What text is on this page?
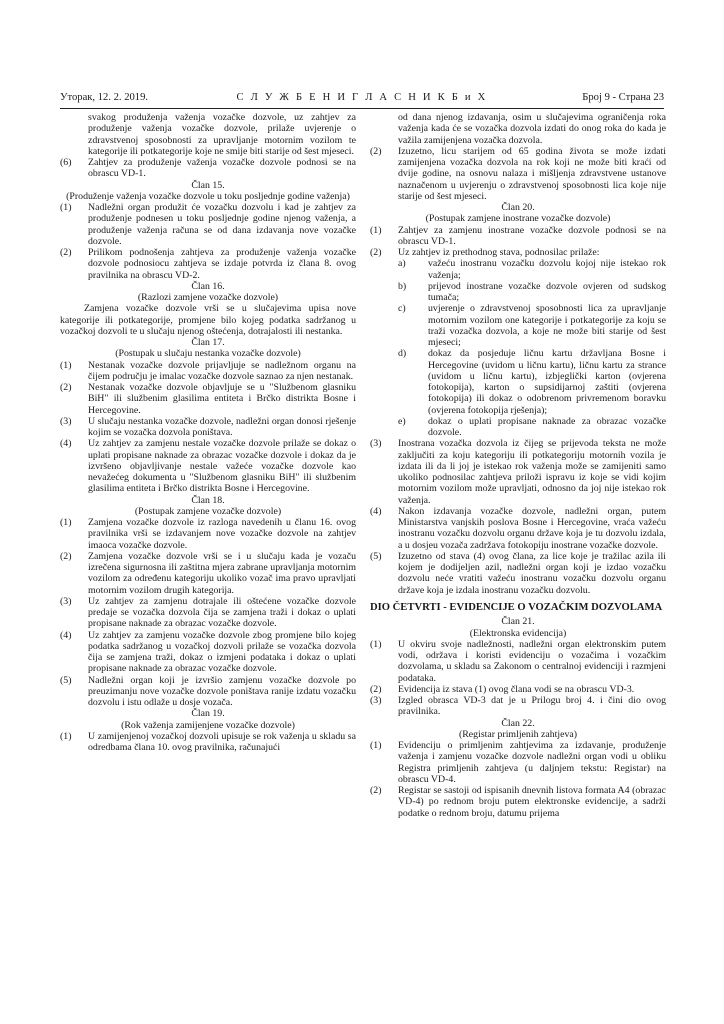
Уторак, 12. 2. 2019.	С Л У Ж Б Е Н И Г Л А С Н И К Б и Х	Број 9 - Страна 23

svakog produženja važenja vozačke dozvole, uz zahtjev za produženje važenja vozačke dozvole, prilaže uvjerenje o zdravstvenoj sposobnosti za upravljanje motornim vozilom te kategorije ili potkategorije koje ne smije biti starije od šest mjeseci.

(6) Zahtjev za produženje važenja vozačke dozvole podnosi se na obrascu VD-1.

Član 15.

(Produženje važenja vozačke dozvole u toku posljednje godine važenja)

(1) Nadležni organ produžit će vozačku dozvolu i kad je zahtjev za produženje podnesen u toku posljednje godine njenog važenja, a produženje važenja računa se od dana izdavanja nove vozačke dozvole.
(2) Prilikom podnošenja zahtjeva za produženje važenja vozačke dozvole podnosiocu zahtjeva se izdaje potvrda iz člana 8. ovog pravilnika na obrascu VD-2.

Član 16.

(Razlozi zamjene vozačke dozvole)

Zamjena vozačke dozvole vrši se u slučajevima upisa nove kategorije ili potkategorije, promjene bilo kojeg podatka sadržanog u vozačkoj dozvoli te u slučaju njenog oštećenja, dotrajalosti ili nestanka.

Član 17.

(Postupak u slučaju nestanka vozačke dozvole)

(1) Nestanak vozačke dozvole prijavljuje se nadležnom organu na čijem području je imalac vozačke dozvole saznao za njen nestanak.
(2) Nestanak vozačke dozvole objavljuje se u "Službenom glasniku BiH" ili službenim glasilima entiteta i Brčko distrikta Bosne i Hercegovine.
(3) U slučaju nestanka vozačke dozvole, nadležni organ donosi rješenje kojim se vozačka dozvola poništava.
(4) Uz zahtjev za zamjenu nestale vozačke dozvole prilaže se dokaz o uplati propisane naknade za obrazac vozačke dozvole i dokaz da je izvršeno objavljivanje nestale važeće vozačke dozvole kao nevažećeg dokumenta u "Službenom glasniku BiH" ili službenim glasilima entiteta i Brčko distrikta Bosne i Hercegovine.

Član 18.

(Postupak zamjene vozačke dozvole)

(1) Zamjena vozačke dozvole iz razloga navedenih u članu 16. ovog pravilnika vrši se izdavanjem nove vozačke dozvole na zahtjev imaoca vozačke dozvole.
(2) Zamjena vozačke dozvole vrši se i u slučaju kada je vozaču izrečena sigurnosna ili zaštitna mjera zabrane upravljanja motornim vozilom za određenu kategoriju ukoliko vozač ima pravo upravljati motornim vozilom drugih kategorija.
(3) Uz zahtjev za zamjenu dotrajale ili oštećene vozačke dozvole predaje se vozačka dozvola čija se zamjena traži i dokaz o uplati propisane naknade za obrazac vozačke dozvole.
(4) Uz zahtjev za zamjenu vozačke dozvole zbog promjene bilo kojeg podatka sadržanog u vozačkoj dozvoli prilaže se vozačka dozvola čija se zamjena traži, dokaz o izmjeni podataka i dokaz o uplati propisane naknade za obrazac vozačke dozvole.
(5) Nadležni organ koji je izvršio zamjenu vozačke dozvole po preuzimanju nove vozačke dozvole poništava ranije izdatu vozačku dozvolu i istu odlaže u dosje vozača.

Član 19.

(Rok važenja zamijenjene vozačke dozvole)

(1) U zamijenjenoj vozačkoj dozvoli upisuje se rok važenja u skladu sa odredbama člana 10. ovog pravilnika, računajući

od dana njenog izdavanja, osim u slučajevima ograničenja roka važenja kada će se vozačka dozvola izdati do onog roka do kada je važila zamijenjena vozačka dozvola.

(2) Izuzetno, licu starijem od 65 godina života se može izdati zamijenjena vozačka dozvola na rok koji ne može biti kraći od dvije godine, na osnovu nalaza i mišljenja zdravstvene ustanove naznačenom u uvjerenju o zdravstvenoj sposobnosti lica koje nije starije od šest mjeseci.

Član 20.

(Postupak zamjene inostrane vozačke dozvole)

(1) Zahtjev za zamjenu inostrane vozačke dozvole podnosi se na obrascu VD-1.
(2) Uz zahtjev iz prethodnog stava, podnosilac prilaže:
a) važeću inostranu vozačku dozvolu kojoj nije istekao rok važenja;
b) prijevod inostrane vozačke dozvole ovjeren od sudskog tumača;
c) uvjerenje o zdravstvenoj sposobnosti lica za upravljanje motornim vozilom one kategorije i potkategorije za koju se traži vozačka dozvola, a koje ne može biti starije od šest mjeseci;
d) dokaz da posjeduje ličnu kartu državljana Bosne i Hercegovine (uvidom u ličnu kartu), ličnu kartu za strance (uvidom u ličnu kartu), izbjeglički karton (ovjerena fotokopija), karton o supsidijarnoj zaštiti (ovjerena fotokopija) ili dokaz o odobrenom privremenom boravku (ovjerena fotokopija rješenja);
e) dokaz o uplati propisane naknade za obrazac vozačke dozvole.
(3) Inostrana vozačka dozvola iz čijeg se prijevoda teksta ne može zaključiti za koju kategoriju ili potkategoriju motornih vozila je izdata ili da li joj je istekao rok važenja može se zamijeniti samo ukoliko podnosilac zahtjeva priloži ispravu iz koje se vidi kojim motornim vozilom može upravljati, odnosno da joj nije istekao rok važenja.
(4) Nakon izdavanja vozačke dozvole, nadležni organ, putem Ministarstva vanjskih poslova Bosne i Hercegovine, vraća važeću inostranu vozačku dozvolu organu države koja je tu dozvolu izdala, a u dosjeu vozača zadržava fotokopiju inostrane vozačke dozvole.
(5) Izuzetno od stava (4) ovog člana, za lice koje je tražilac azila ili kojem je dodijeljen azil, nadležni organ koji je izdao vozačku dozvolu neće vratiti važeću inostranu vozačku dozvolu organu države koja je izdala inostranu vozačku dozvolu.

DIO ČETVRTI - EVIDENCIJE O VOZAČKIM DOZVOLAMA

Član 21.

(Elektronska evidencija)

(1) U okviru svoje nadležnosti, nadležni organ elektronskim putem vodi, održava i koristi evidenciju o vozačima i vozačkim dozvolama, u skladu sa Zakonom o centralnoj evidenciji i razmjeni podataka.
(2) Evidencija iz stava (1) ovog člana vodi se na obrascu VD-3.
(3) Izgled obrasca VD-3 dat je u Prilogu broj 4. i čini dio ovog pravilnika.

Član 22.

(Registar primljenih zahtjeva)

(1) Evidenciju o primljenim zahtjevima za izdavanje, produženje važenja i zamjenu vozačke dozvole nadležni organ vodi u obliku Registra primljenih zahtjeva (u daljnjem tekstu: Registar) na obrascu VD-4.
(2) Registar se sastoji od ispisanih dnevnih listova formata A4 (obrazac VD-4) po rednom broju putem elektronske evidencije, a sadrži podatke o rednom broju, datumu prijema
